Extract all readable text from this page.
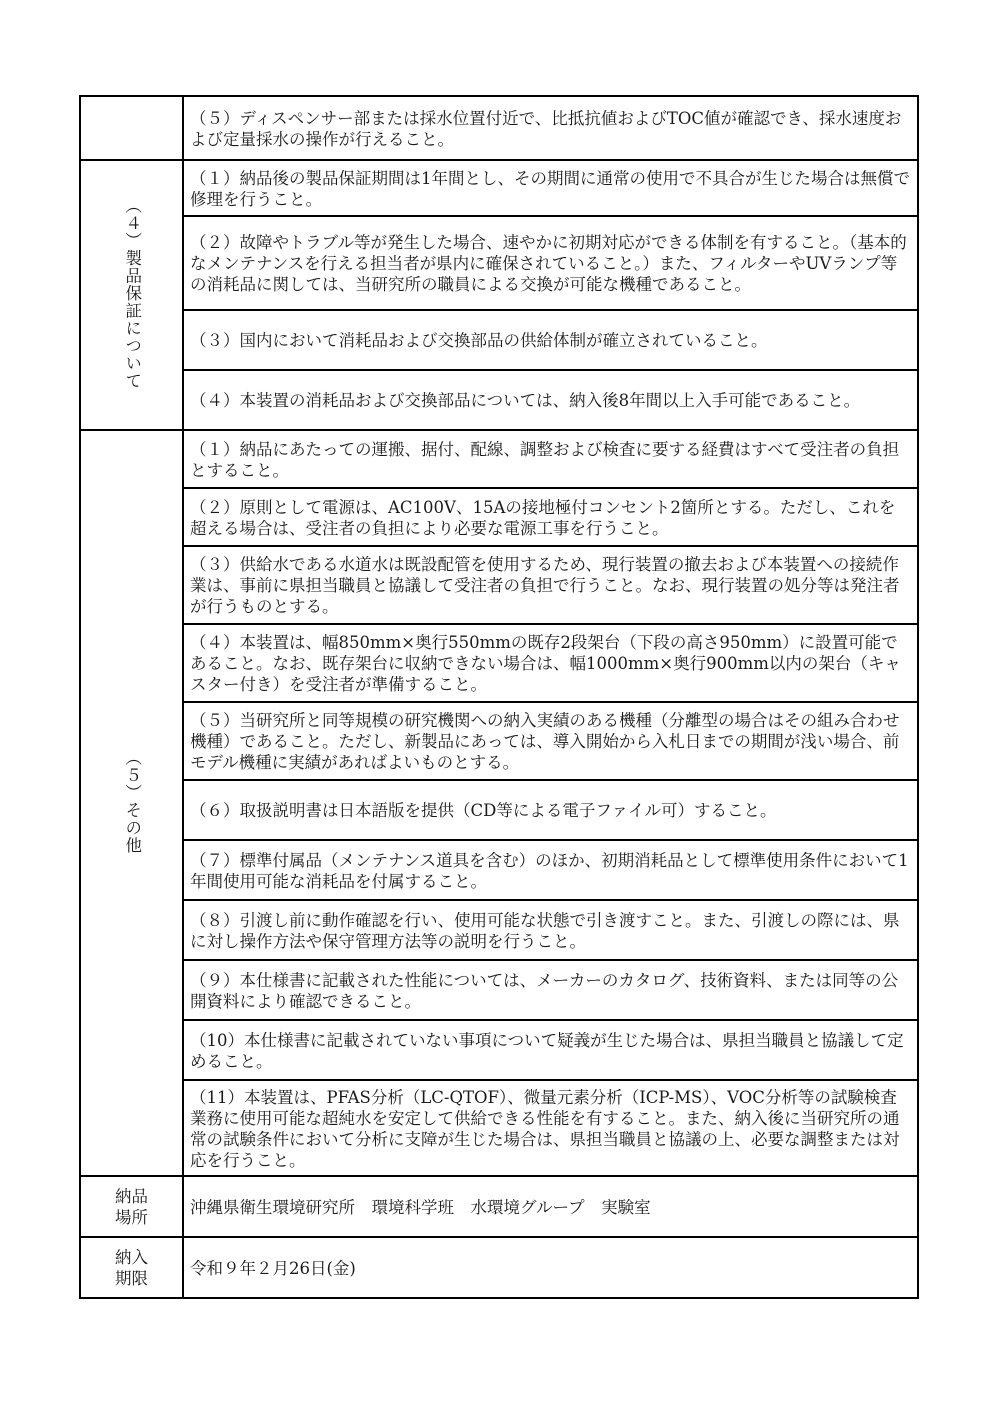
	（５）ディスペンサー部または採水位置付近で、比抵抗値およびTOC値が確認でき、採水速度および定量採水の操作が行えること。
（４）製品保証について	（１）納品後の製品保証期間は1年間とし、その期間に通常の使用で不具合が生じた場合は無償で修理を行うこと。
	（２）故障やトラブル等が発生した場合、速やかに初期対応ができる体制を有すること。（基本的なメンテナンスを行える担当者が県内に確保されていること。）また、フィルターやUVランプ等の消耗品に関しては、当研究所の職員による交換が可能な機種であること。
	（３）国内において消耗品および交換部品の供給体制が確立されていること。
	（４）本装置の消耗品および交換部品については、納入後8年間以上入手可能であること。
（５）その他	（１）納品にあたっての運搬、据付、配線、調整および検査に要する経費はすべて受注者の負担とすること。
	（２）原則として電源は、AC100V、15Aの接地極付コンセント2箇所とする。ただし、これを超える場合は、受注者の負担により必要な電源工事を行うこと。
	（３）供給水である水道水は既設配管を使用するため、現行装置の撤去および本装置への接続作業は、事前に県担当職員と協議して受注者の負担で行うこと。なお、現行装置の処分等は発注者が行うものとする。
	（４）本装置は、幅850mm×奥行550mmの既存2段架台（下段の高さ950mm）に設置可能であること。なお、既存架台に収納できない場合は、幅1000mm×奥行900mm以内の架台（キャスター付き）を受注者が準備すること。
	（５）当研究所と同等規模の研究機関への納入実績のある機種（分離型の場合はその組み合わせ機種）であること。ただし、新製品にあっては、導入開始から入札日までの期間が浅い場合、前モデル機種に実績があればよいものとする。
	（６）取扱説明書は日本語版を提供（CD等による電子ファイル可）すること。
	（７）標準付属品（メンテナンス道具を含む）のほか、初期消耗品として標準使用条件において1年間使用可能な消耗品を付属すること。
	（８）引渡し前に動作確認を行い、使用可能な状態で引き渡すこと。また、引渡しの際には、県に対し操作方法や保守管理方法等の説明を行うこと。
	（９）本仕様書に記載された性能については、メーカーのカタログ、技術資料、または同等の公開資料により確認できること。
	（10）本仕様書に記載されていない事項について疑義が生じた場合は、県担当職員と協議して定めること。
	（11）本装置は、PFAS分析（LC-QTOF）、微量元素分析（ICP-MS）、VOC分析等の試験検査業務に使用可能な超純水を安定して供給できる性能を有すること。また、納入後に当研究所の通常の試験条件において分析に支障が生じた場合は、県担当職員と協議の上、必要な調整または対応を行うこと。
納品場所	沖縄県衛生環境研究所　環境科学班　水環境グループ　実験室
納入期限	令和９年２月26日(金)
